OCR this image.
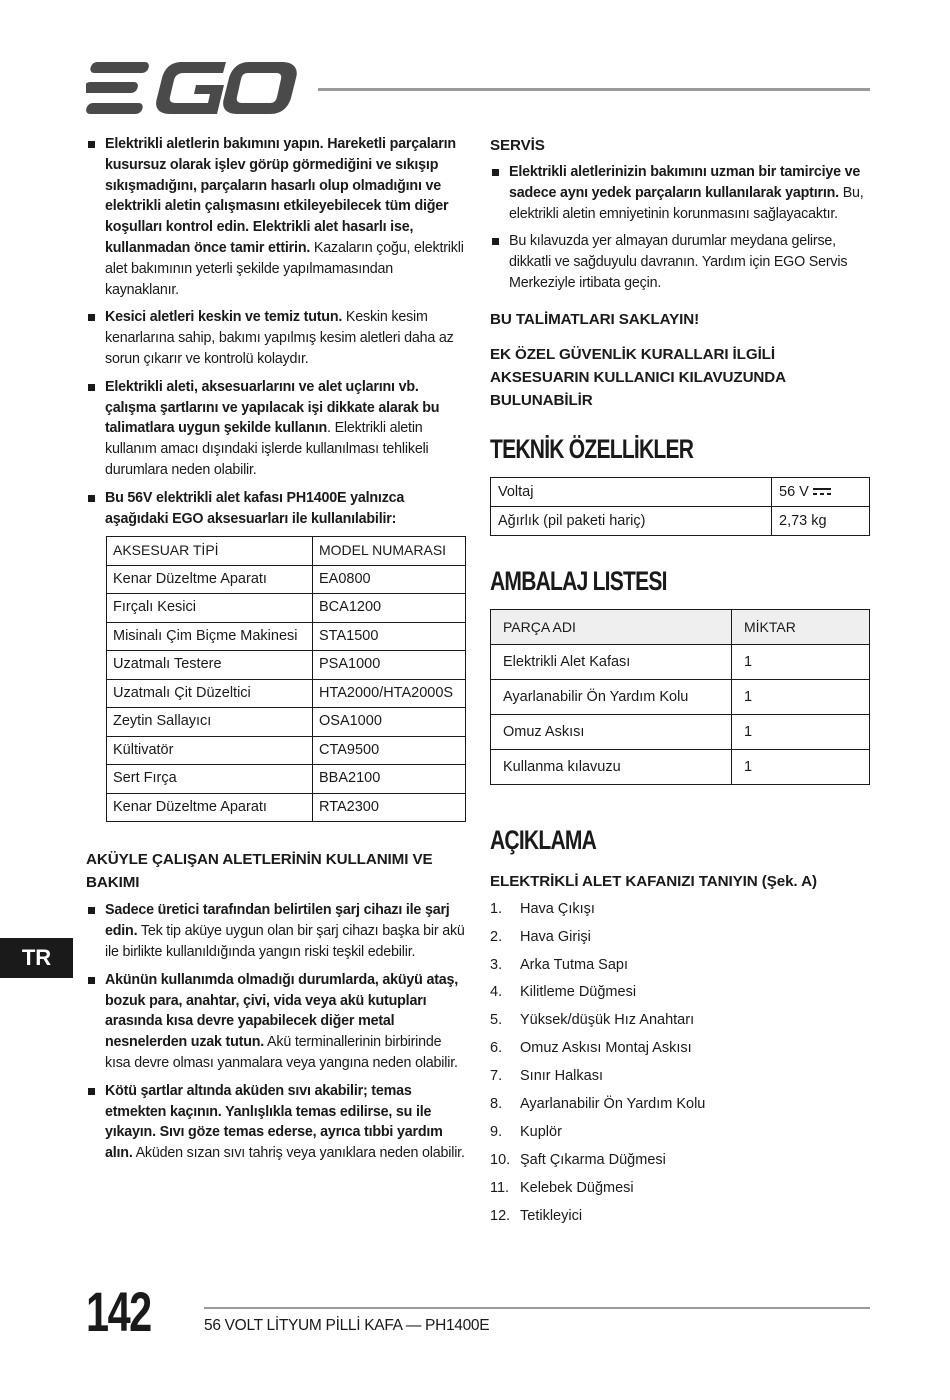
Elektrikli aletlerin bakımını yapın. Hareketli parçaların kusursuz olarak işlev görüp görmediğini ve sıkışıp sıkışmadığını, parçaların hasarlı olup olmadığını ve elektrikli aletin çalışmasını etkileyebilecek tüm diğer koşulları kontrol edin. Elektrikli alet hasarlı ise, kullanmadan önce tamir ettirin. Kazaların çoğu, elektrikli alet bakımının yeterli şekilde yapılmamasından kaynaklanır.
Kesici aletleri keskin ve temiz tutun. Keskin kesim kenarlarına sahip, bakımı yapılmış kesim aletleri daha az sorun çıkarır ve kontrolü kolaydır.
Elektrikli aleti, aksesuarlarını ve alet uçlarını vb. çalışma şartlarını ve yapılacak işi dikkate alarak bu talimatlara uygun şekilde kullanın. Elektrikli aletin kullanım amacı dışındaki işlerde kullanılması tehlikeli durumlara neden olabilir.
Bu 56V elektrikli alet kafası PH1400E yalnızca aşağıdaki EGO aksesuarları ile kullanılabilir:
AKSESUAR TİPİ	MODEL NUMARASI
Kenar Düzeltme Aparatı	EA0800
Fırçalı Kesici	BCA1200
Misinalı Çim Biçme Makinesi	STA1500
Uzatmalı Testere	PSA1000
Uzatmalı Çit Düzeltici	HTA2000/HTA2000S
Zeytin Sallayıcı	OSA1000
Kültivatör	CTA9500
Sert Fırça	BBA2100
Kenar Düzeltme Aparatı	RTA2300
AKÜYLE ÇALIŞAN ALETLERİNİN KULLANIMI VE BAKIMI
Sadece üretici tarafından belirtilen şarj cihazı ile şarj edin. Tek tip aküye uygun olan bir şarj cihazı başka bir akü ile birlikte kullanıldığında yangın riski teşkil edebilir.
Akünün kullanımda olmadığı durumlarda, aküyü ataş, bozuk para, anahtar, çivi, vida veya akü kutupları arasında kısa devre yapabilecek diğer metal nesnelerden uzak tutun. Akü terminallerinin birbirinde kısa devre olması yanmalara veya yangına neden olabilir.
Kötü şartlar altında aküden sıvı akabilir; temas etmekten kaçının. Yanlışlıkla temas edilirse, su ile yıkayın. Sıvı göze temas ederse, ayrıca tıbbi yardım alın. Aküden sızan sıvı tahriş veya yanıklara neden olabilir.
SERVİS
Elektrikli aletlerinizin bakımını uzman bir tamirciye ve sadece aynı yedek parçaların kullanılarak yaptırın. Bu, elektrikli aletin emniyetinin korunmasını sağlayacaktır.
Bu kılavuzda yer almayan durumlar meydana gelirse, dikkatli ve sağduyulu davranın. Yardım için EGO Servis Merkeziyle irtibata geçin.
BU TALİMATLARI SAKLAYIN!
EK ÖZEL GÜVENLİK KURALLARI İLGİLİ AKSESUARIN KULLANICI KILAVUZUNDA BULUNABİLİR
TEKNİK ÖZELLİKLER
Voltaj	56 V
Ağırlık (pil paketi hariç)	2,73 kg
AMBALAJ LISTESI
PARÇA ADI	MİKTAR
Elektrikli Alet Kafası	1
Ayarlanabilir Ön Yardım Kolu	1
Omuz Askısı	1
Kullanma kılavuzu	1
AÇIKLAMA
ELEKTRİKLİ ALET KAFANIZI TANIYIN (Şek. A)
1. Hava Çıkışı
2. Hava Girişi
3. Arka Tutma Sapı
4. Kilitleme Düğmesi
5. Yüksek/düşük Hız Anahtarı
6. Omuz Askısı Montaj Askısı
7. Sınır Halkası
8. Ayarlanabilir Ön Yardım Kolu
9. Kuplör
10. Şaft Çıkarma Düğmesi
11. Kelebek Düğmesi
12. Tetikleyici
TR
142	56 VOLT LİTYUM PİLLİ KAFA — PH1400E
